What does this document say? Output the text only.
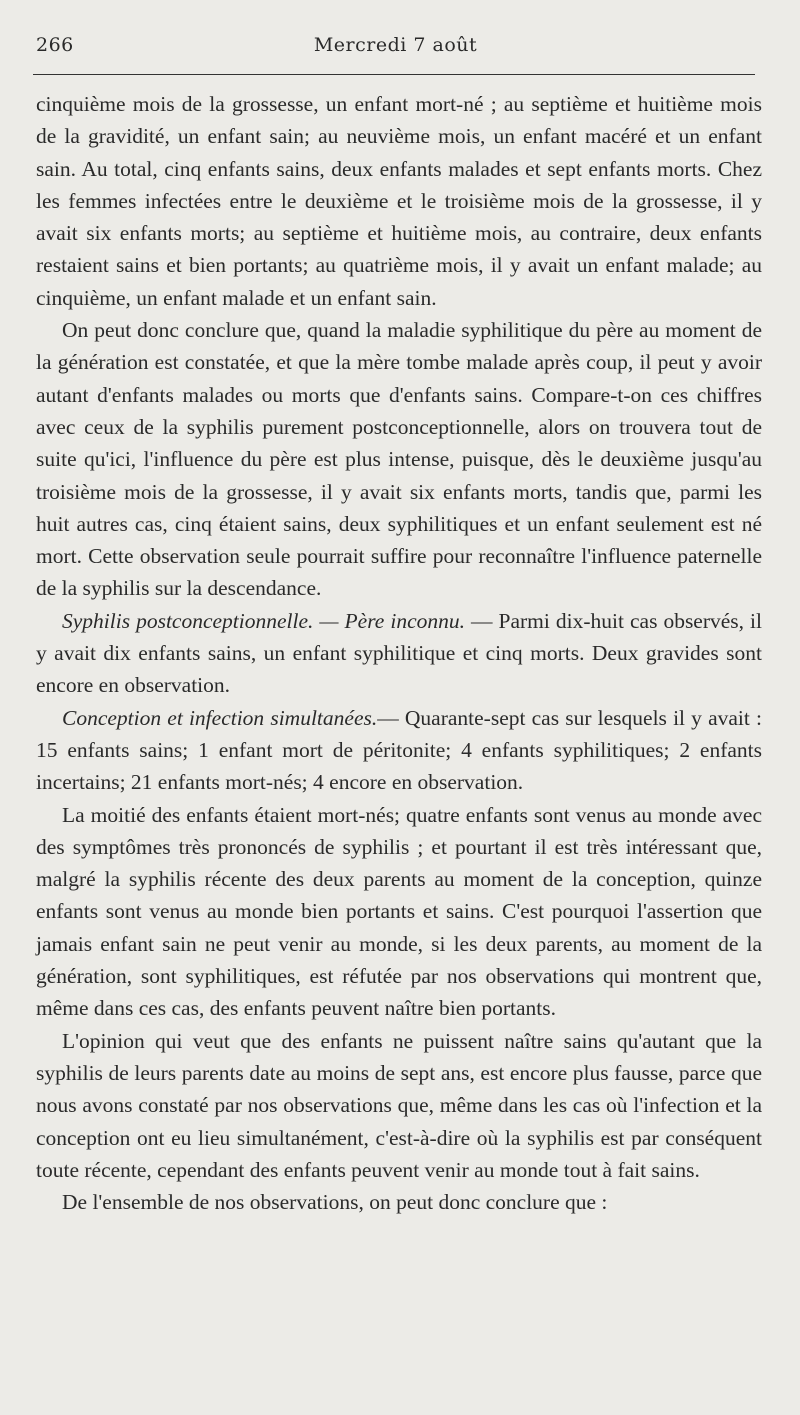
266	Mercredi 7 août

cinquième mois de la grossesse, un enfant mort-né ; au septième et huitième mois de la gravidité, un enfant sain; au neuvième mois, un enfant macéré et un enfant sain. Au total, cinq enfants sains, deux enfants malades et sept enfants morts. Chez les femmes infectées entre le deuxième et le troisième mois de la grossesse, il y avait six enfants morts; au septième et huitième mois, au contraire, deux enfants restaient sains et bien portants; au quatrième mois, il y avait un enfant malade; au cinquième, un enfant malade et un enfant sain.

On peut donc conclure que, quand la maladie syphilitique du père au moment de la génération est constatée, et que la mère tombe malade après coup, il peut y avoir autant d'enfants malades ou morts que d'enfants sains. Compare-t-on ces chiffres avec ceux de la syphilis purement postconceptionnelle, alors on trouvera tout de suite qu'ici, l'influence du père est plus intense, puisque, dès le deuxième jusqu'au troisième mois de la grossesse, il y avait six enfants morts, tandis que, parmi les huit autres cas, cinq étaient sains, deux syphilitiques et un enfant seulement est né mort. Cette observation seule pourrait suffire pour reconnaître l'influence paternelle de la syphilis sur la descendance.

Syphilis postconceptionnelle. — Père inconnu. — Parmi dix-huit cas observés, il y avait dix enfants sains, un enfant syphilitique et cinq morts. Deux gravides sont encore en observation.

Conception et infection simultanées.— Quarante-sept cas sur lesquels il y avait : 15 enfants sains; 1 enfant mort de péritonite; 4 enfants syphilitiques; 2 enfants incertains; 21 enfants mort-nés; 4 encore en observation.

La moitié des enfants étaient mort-nés; quatre enfants sont venus au monde avec des symptômes très prononcés de syphilis ; et pourtant il est très intéressant que, malgré la syphilis récente des deux parents au moment de la conception, quinze enfants sont venus au monde bien portants et sains. C'est pourquoi l'assertion que jamais enfant sain ne peut venir au monde, si les deux parents, au moment de la génération, sont syphilitiques, est réfutée par nos observations qui montrent que, même dans ces cas, des enfants peuvent naître bien portants.

L'opinion qui veut que des enfants ne puissent naître sains qu'autant que la syphilis de leurs parents date au moins de sept ans, est encore plus fausse, parce que nous avons constaté par nos observations que, même dans les cas où l'infection et la conception ont eu lieu simultanément, c'est-à-dire où la syphilis est par conséquent toute récente, cependant des enfants peuvent venir au monde tout à fait sains.

De l'ensemble de nos observations, on peut donc conclure que :
